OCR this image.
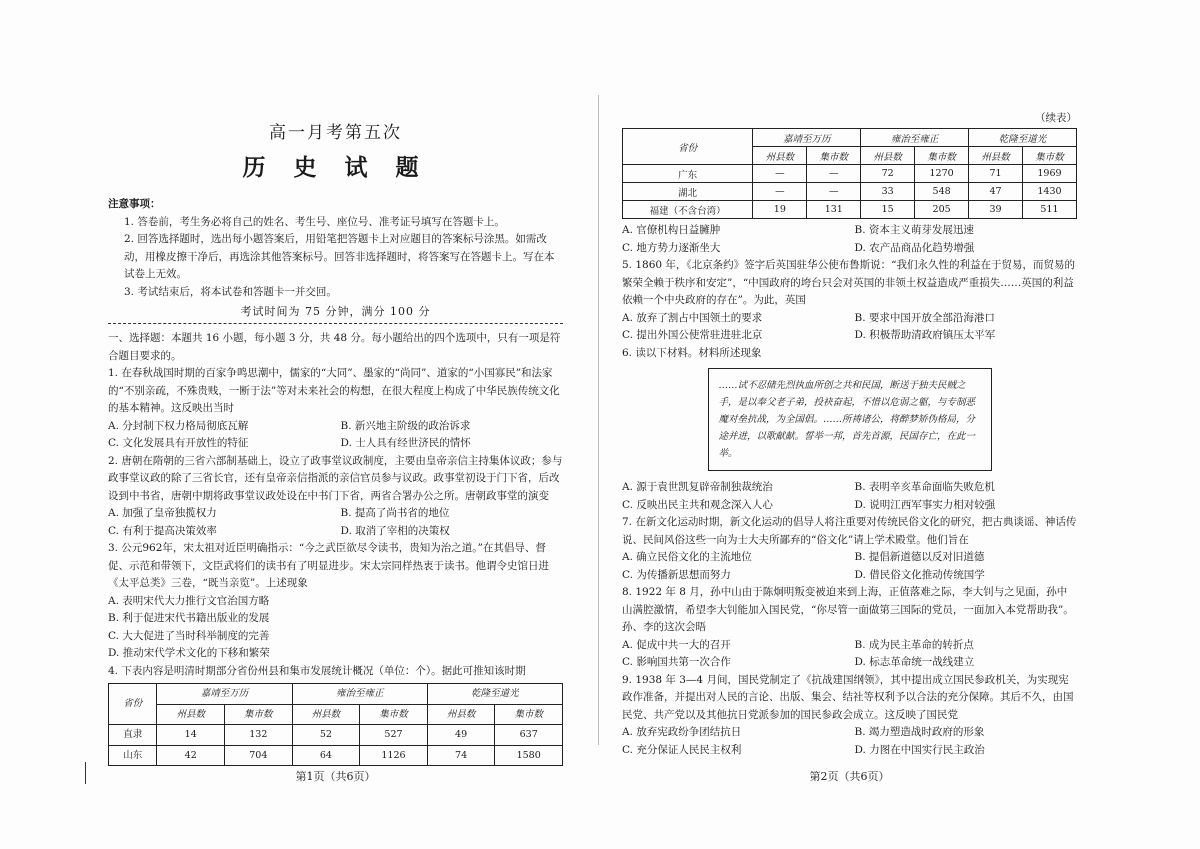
高一月考第五次
历 史 试 题

注意事项：

1. 答卷前，考生务必将自己的姓名、考生号、座位号、准考证号填写在答题卡上。

2. 回答选择题时，选出每小题答案后，用铅笔把答题卡上对应题目的答案标号涂黑。如需改动，用橡皮擦干净后，再选涂其他答案标号。回答非选择题时，将答案写在答题卡上。写在本试卷上无效。

3. 考试结束后，将本试卷和答题卡一并交回。

考试时间为 75 分钟，满分 100 分

一、选择题：本题共 16 小题，每小题 3 分，共 48 分。每小题给出的四个选项中，只有一项是符合题目要求的。

1. 在春秋战国时期的百家争鸣思潮中，儒家的“大同”、墨家的“尚同”、道家的“小国寡民”和法家的“不别亲疏，不殊贵贱，一断于法”等对未来社会的构想，在很大程度上构成了中华民族传统文化的基本精神。这反映出当时

A. 分封制下权力格局彻底瓦解	B. 新兴地主阶级的政治诉求
C. 文化发展具有开放性的特征	D. 士人具有经世济民的情怀

2. 唐朝在隋朝的三省六部制基础上，设立了政事堂议政制度，主要由皇帝亲信主持集体议政；参与政事堂议政的除了三省长官，还有皇帝亲信指派的亲信官员参与议政。政事堂初设于门下省，后改设到中书省，唐朝中期将政事堂议政处设在中书门下省，两省合署办公之所。唐朝政事堂的演变

A. 加强了皇帝独揽权力	B. 提高了尚书省的地位
C. 有利于提高决策效率	D. 取消了宰相的决策权

3. 公元962年，宋太祖对近臣明确指示：“今之武臣欲尽令读书，贵知为治之道。”在其倡导、督促、示范和带领下，文臣武将们的读书有了明显进步。宋太宗同样热衷于读书。他谓令史馆日进《太平总类》三卷，“既当亲览”。上述现象

A. 表明宋代大力推行文官治国方略
B. 利于促进宋代书籍出版业的发展
C. 大大促进了当时科举制度的完善
D. 推动宋代学术文化的下移和繁荣

4. 下表内容是明清时期部分省份州县和集市发展统计概况（单位：个）。据此可推知该时期

省份	嘉靖至万历		雍治至雍正		乾隆至道光	
	州县数	集市数	州县数	集市数	州县数	集市数
直隶	14	132	52	527	49	637
山东	42	704	64	1126	74	1580
第1页（共6页）
（续表）
省份	嘉靖至万历		雍治至雍正		乾隆至道光	
	州县数	集市数	州县数	集市数	州县数	集市数
广东	—	—	72	1270	71	1969
湖北	—	—	33	548	47	1430
福建（不含台湾）	19	131	15	205	39	511
A. 官僚机构日益臃肿	B. 资本主义萌芽发展迅速
C. 地方势力逐渐坐大	D. 农产品商品化趋势增强

5. 1860 年，《北京条约》签字后英国驻华公使布鲁斯说：“我们永久性的利益在于贸易，而贸易的繁荣全赖于秩序和安定”，“中国政府的垮台只会对英国的非领土权益造成严重损失……英国的利益依赖一个中央政府的存在”。为此，英国

A. 放弃了割占中国领土的要求	B. 要求中国开放全部沿海港口
C. 提出外国公使常驻进驻北京	D. 积极帮助清政府镇压太平军

6. 读以下材料。材料所述现象

……试不忍储先烈执血所创之共和民国，断送于独夫民贼之手，是以奉父老子弟，投袂奋起，不惜以危弱之躯，与专制恶魔对垒抗战，为全国倡。……所祷诸公，将醉梦矫伪格局，分途并进，以歌献献。誓举一邦，首先首源，民国存亡，在此一举。
A. 源于袁世凯复辟帝制独裁统治	B. 表明辛亥革命面临失败危机
C. 反映出民主共和观念深入人心	D. 说明江西军事实力相对较强

7. 在新文化运动时期，新文化运动的倡导人将注重要对传统民俗文化的研究，把古典谈谣、神话传说、民间风俗这些一向为士大夫所鄙弃的“俗文化”请上学术殿堂。他们旨在

A. 确立民俗文化的主流地位	B. 提倡新道德以反对旧道德
C. 为传播新思想而努力	D. 借民俗文化推动传统国学

8. 1922 年 8 月，孙中山由于陈炯明叛变被迫来到上海，正值落难之际，李大钊与之见面，孙中山满腔激情，希望李大钊能加入国民党，“你尽管一面做第三国际的党员，一面加入本党帮助我”。孙、李的这次会晤

A. 促成中共一大的召开	B. 成为民主革命的转折点
C. 影响国共第一次合作	D. 标志革命统一战线建立

9. 1938 年 3—4 月间，国民党制定了《抗战建国纲领》，其中提出成立国民参政机关，为实现宪政作准备，并提出对人民的言论、出版、集会、结社等权利予以合法的充分保障。其后不久，由国民党、共产党以及其他抗日党派参加的国民参政会成立。这反映了国民党

A. 放弃宪政纷争团结抗日	B. 竭力塑造战时政府的形象
C. 充分保证人民民主权利	D. 力图在中国实行民主政治
第2页（共6页）
